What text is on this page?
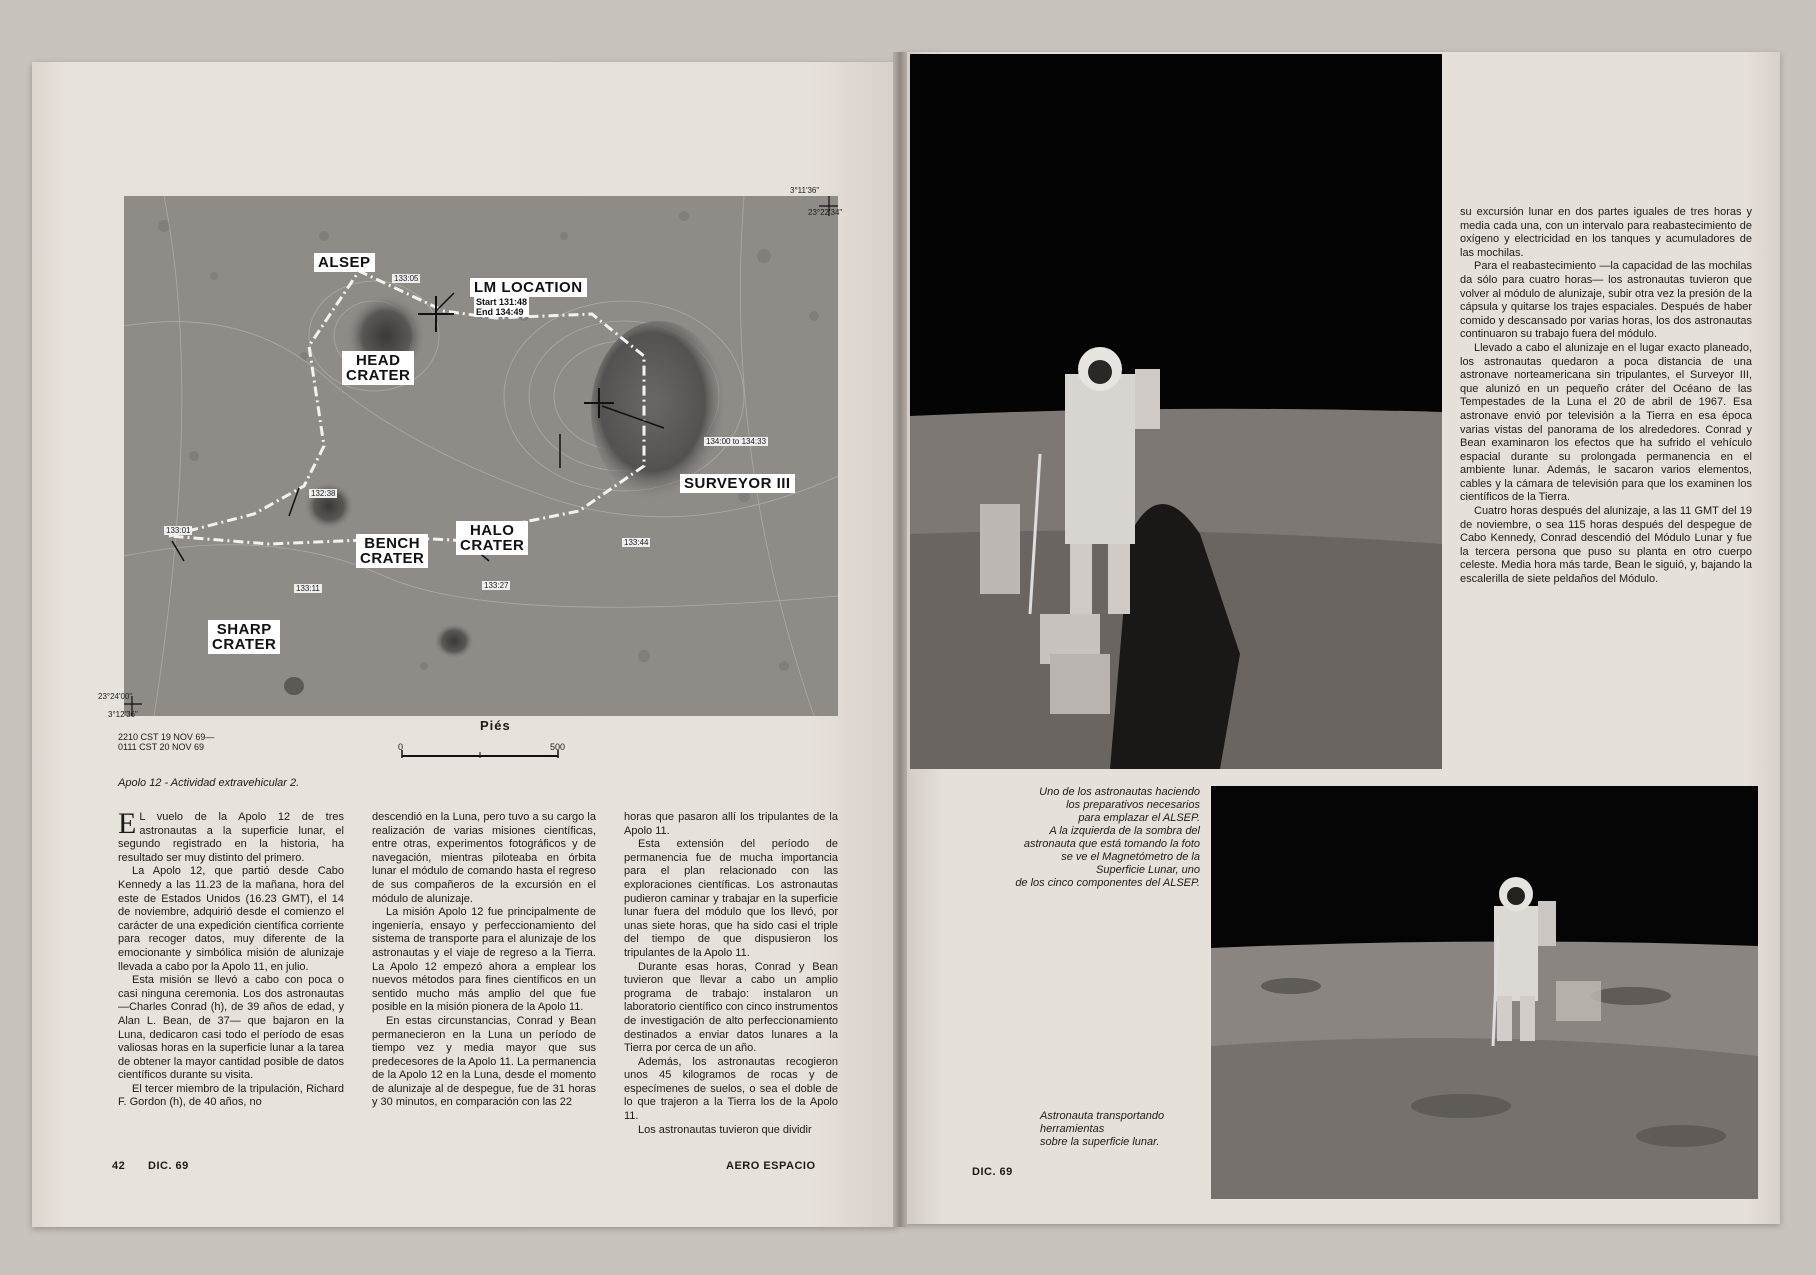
ALSEP
LM LOCATION
Start 131:48
End 134:49
HEAD
CRATER
SURVEYOR III
BENCH
CRATER
HALO
CRATER
SHARP
CRATER
133:05
134:00 to 134:33
132:38
133:01
133:11	133:27
133:44
3°11'36"
23°22'34"
23°24'00"
3°12'36"
2210 CST 19 NOV 69—
0111 CST 20 NOV 69
Piés
0	500
Apolo 12 - Actividad extravehicular 2.

E L vuelo de la Apolo 12 de tres astronautas a la superficie lunar, el segundo registrado en la historia, ha resultado ser muy distinto del primero.

La Apolo 12, que partió desde Cabo Kennedy a las 11.23 de la mañana, hora del este de Estados Unidos (16.23 GMT), el 14 de noviembre, adquirió desde el comienzo el carácter de una expedición científica corriente para recoger datos, muy diferente de la emocionante y simbólica misión de alunizaje llevada a cabo por la Apolo 11, en julio.

Esta misión se llevó a cabo con poca o casi ninguna ceremonia. Los dos astronautas —Charles Conrad (h), de 39 años de edad, y Alan L. Bean, de 37— que bajaron en la Luna, dedicaron casi todo el período de esas valiosas horas en la superficie lunar a la tarea de obtener la mayor cantidad posible de datos científicos durante su visita.

El tercer miembro de la tripulación, Richard F. Gordon (h), de 40 años, no

descendió en la Luna, pero tuvo a su cargo la realización de varias misiones científicas, entre otras, experimentos fotográficos y de navegación, mientras piloteaba en órbita lunar el módulo de comando hasta el regreso de sus compañeros de la excursión en el módulo de alunizaje.

La misión Apolo 12 fue principalmente de ingeniería, ensayo y perfeccionamiento del sistema de transporte para el alunizaje de los astronautas y el viaje de regreso a la Tierra. La Apolo 12 empezó ahora a emplear los nuevos métodos para fines científicos en un sentido mucho más amplio del que fue posible en la misión pionera de la Apolo 11.

En estas circunstancias, Conrad y Bean permanecieron en la Luna un período de tiempo vez y media mayor que sus predecesores de la Apolo 11. La permanencia de la Apolo 12 en la Luna, desde el momento de alunizaje al de despegue, fue de 31 horas y 30 minutos, en comparación con las 22

horas que pasaron allí los tripulantes de la Apolo 11.

Esta extensión del período de permanencia fue de mucha importancia para el plan relacionado con las exploraciones científicas. Los astronautas pudieron caminar y trabajar en la superficie lunar fuera del módulo que los llevó, por unas siete horas, que ha sido casi el triple del tiempo de que dispusieron los tripulantes de la Apolo 11.

Durante esas horas, Conrad y Bean tuvieron que llevar a cabo un amplio programa de trabajo: instalaron un laboratorio científico con cinco instrumentos de investigación de alto perfeccionamiento destinados a enviar datos lunares a la Tierra por cerca de un año.

Además, los astronautas recogieron unos 45 kilogramos de rocas y de especímenes de suelos, o sea el doble de lo que trajeron a la Tierra los de la Apolo 11.

Los astronautas tuvieron que dividir

42 DIC. 69	AERO ESPACIO
Uno de los astronautas haciendo
los preparativos necesarios
para emplazar el ALSEP.
A la izquierda de la sombra del
astronauta que está tomando la foto
se ve el Magnetómetro de la
Superficie Lunar, uno
de los cinco componentes del ALSEP.

su excursión lunar en dos partes iguales de tres horas y media cada una, con un intervalo para reabastecimiento de oxígeno y electricidad en los tanques y acumuladores de las mochilas.

Para el reabastecimiento —la capacidad de las mochilas da sólo para cuatro horas— los astronautas tuvieron que volver al módulo de alunizaje, subir otra vez la presión de la cápsula y quitarse los trajes espaciales. Después de haber comido y descansado por varias horas, los dos astronautas continuaron su trabajo fuera del módulo.

Llevado a cabo el alunizaje en el lugar exacto planeado, los astronautas quedaron a poca distancia de una astronave norteamericana sin tripulantes, el Surveyor III, que alunizó en un pequeño cráter del Océano de las Tempestades de la Luna el 20 de abril de 1967. Esa astronave envió por televisión a la Tierra en esa época varias vistas del panorama de los alrededores. Conrad y Bean examinaron los efectos que ha sufrido el vehículo espacial durante su prolongada permanencia en el ambiente lunar. Además, le sacaron varios elementos, cables y la cámara de televisión para que los examinen los científicos de la Tierra.

Cuatro horas después del alunizaje, a las 11 GMT del 19 de noviembre, o sea 115 horas después del despegue de Cabo Kennedy, Conrad descendió del Módulo Lunar y fue la tercera persona que puso su planta en otro cuerpo celeste. Media hora más tarde, Bean le siguió, y, bajando la escalerilla de siete peldaños del Módulo.

Astronauta transportando
herramientas
sobre la superficie lunar.
DIC. 69
